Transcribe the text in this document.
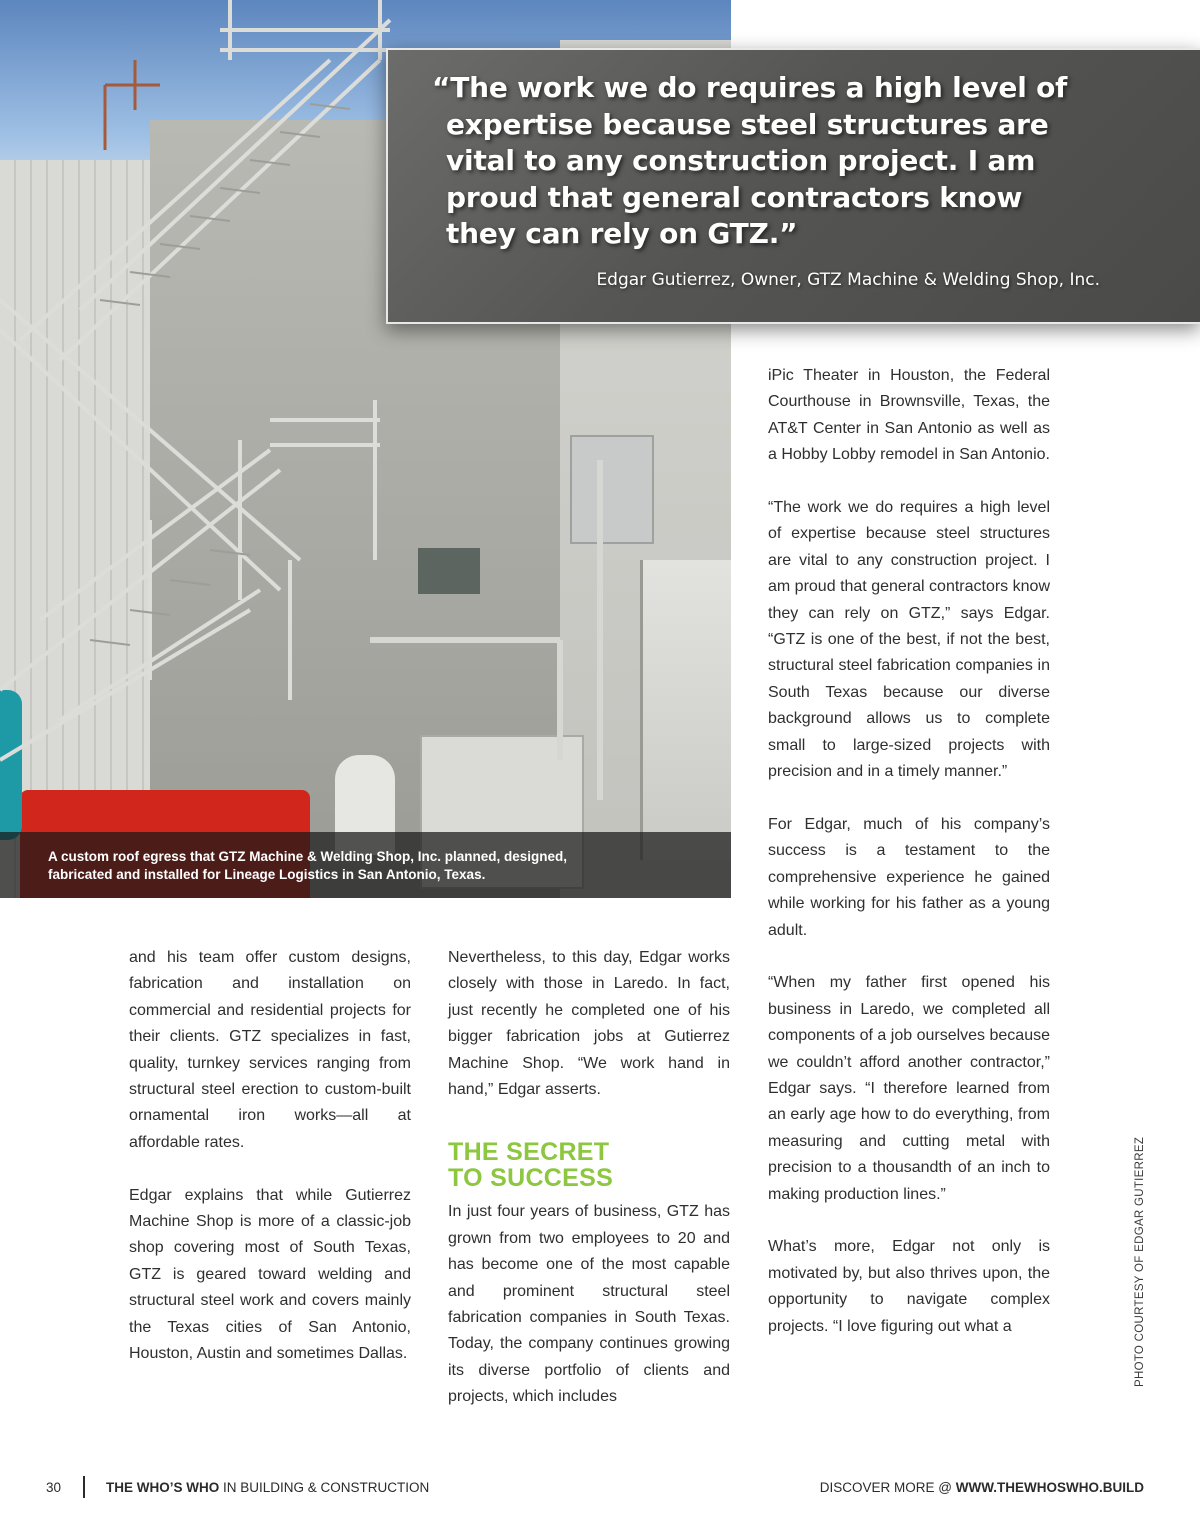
A custom roof egress that GTZ Machine & Welding Shop, Inc. planned, designed,
fabricated and installed for Lineage Logistics in San Antonio, Texas.

“The work we do requires a high level of
expertise because steel structures are
vital to any construction project. I am
proud that general contractors know
they can rely on GTZ.”
Edgar Gutierrez, Owner, GTZ Machine & Welding Shop, Inc.

iPic Theater in Houston, the Federal Courthouse in Brownsville, Texas, the AT&T Center in San Antonio as well as a Hobby Lobby remodel in San Antonio.

“The work we do requires a high level of expertise because steel structures are vital to any construction project. I am proud that general contractors know they can rely on GTZ,” says Edgar. “GTZ is one of the best, if not the best, structural steel fabrication companies in South Texas because our diverse background allows us to complete small to large-sized projects with precision and in a timely manner.”

For Edgar, much of his company’s success is a testament to the comprehensive experience he gained while working for his father as a young adult.

“When my father first opened his business in Laredo, we completed all components of a job ourselves because we couldn’t afford another contractor,” Edgar says. “I therefore learned from an early age how to do everything, from measuring and cutting metal with precision to a thousandth of an inch to making production lines.”

What’s more, Edgar not only is motivated by, but also thrives upon, the opportunity to navigate complex projects. “I love figuring out what a

and his team offer custom designs, fabrication and installation on commercial and residential projects for their clients. GTZ specializes in fast, quality, turnkey services ranging from structural steel erection to custom-built ornamental iron works—all at affordable rates.

Edgar explains that while Gutierrez Machine Shop is more of a classic-job shop covering most of South Texas, GTZ is geared toward welding and structural steel work and covers mainly the Texas cities of San Antonio, Houston, Austin and sometimes Dallas.

Nevertheless, to this day, Edgar works closely with those in Laredo. In fact, just recently he completed one of his bigger fabrication jobs at Gutierrez Machine Shop. “We work hand in hand,” Edgar asserts.

THE SECRET
TO SUCCESS

In just four years of business, GTZ has grown from two employees to 20 and has become one of the most capable and prominent structural steel fabrication companies in South Texas. Today, the company continues growing its diverse portfolio of clients and projects, which includes

PHOTO COURTESY OF EDGAR GUTIERREZ
30	THE WHO’S WHO IN BUILDING & CONSTRUCTION	DISCOVER MORE @ WWW.THEWHOSWHO.BUILD
